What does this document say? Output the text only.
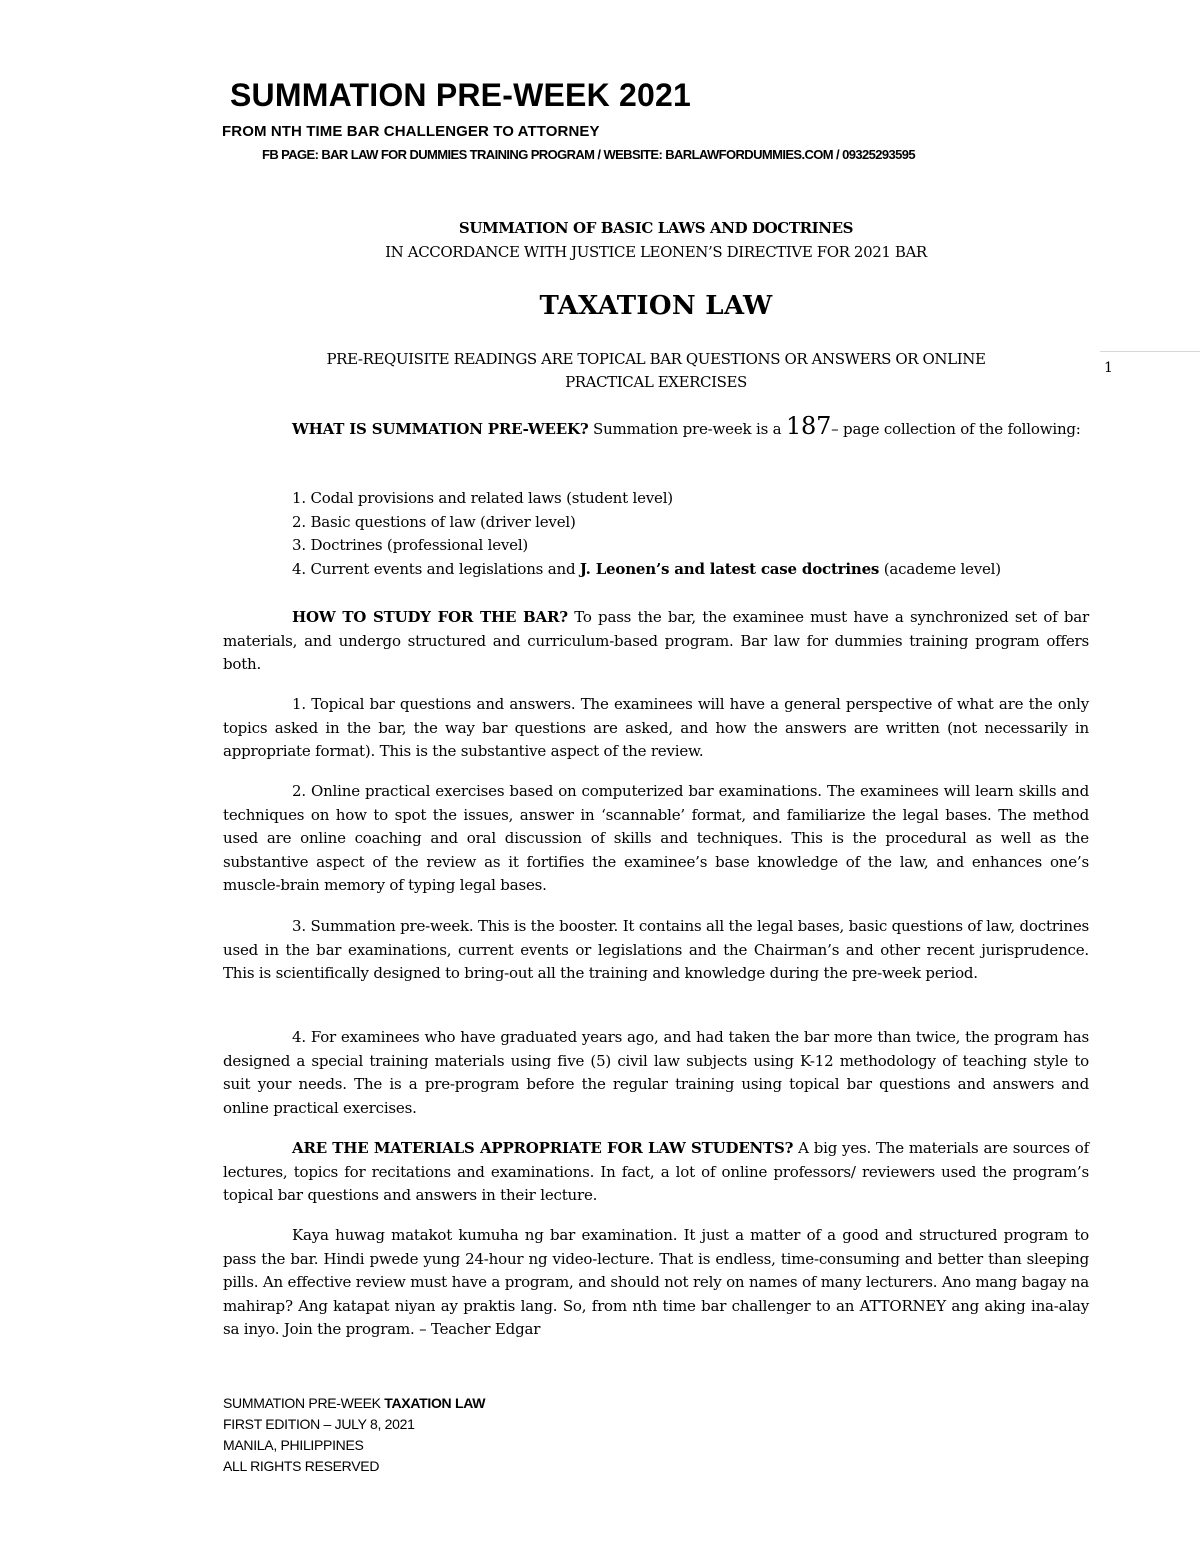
SUMMATION PRE-WEEK 2021
FROM NTH TIME BAR CHALLENGER TO ATTORNEY
FB PAGE: BAR LAW FOR DUMMIES TRAINING PROGRAM / WEBSITE: BARLAWFORDUMMIES.COM / 09325293595
SUMMATION OF BASIC LAWS AND DOCTRINES
IN ACCORDANCE WITH JUSTICE LEONEN’S DIRECTIVE FOR 2021 BAR
TAXATION LAW
PRE-REQUISITE READINGS ARE TOPICAL BAR QUESTIONS OR ANSWERS OR ONLINE
PRACTICAL EXERCISES
1

WHAT IS SUMMATION PRE-WEEK? Summation pre-week is a 187– page collection of the following:

1. Codal provisions and related laws (student level)
2. Basic questions of law (driver level)
3. Doctrines (professional level)
4. Current events and legislations and J. Leonen’s and latest case doctrines (academe level)

HOW TO STUDY FOR THE BAR? To pass the bar, the examinee must have a synchronized set of bar materials, and undergo structured and curriculum-based program. Bar law for dummies training program offers both.

1. Topical bar questions and answers. The examinees will have a general perspective of what are the only topics asked in the bar, the way bar questions are asked, and how the answers are written (not necessarily in appropriate format). This is the substantive aspect of the review.

2. Online practical exercises based on computerized bar examinations. The examinees will learn skills and techniques on how to spot the issues, answer in ‘scannable’ format, and familiarize the legal bases. The method used are online coaching and oral discussion of skills and techniques. This is the procedural as well as the substantive aspect of the review as it fortifies the examinee’s base knowledge of the law, and enhances one’s muscle-brain memory of typing legal bases.

3. Summation pre-week. This is the booster. It contains all the legal bases, basic questions of law, doctrines used in the bar examinations, current events or legislations and the Chairman’s and other recent jurisprudence. This is scientifically designed to bring-out all the training and knowledge during the pre-week period.

4. For examinees who have graduated years ago, and had taken the bar more than twice, the program has designed a special training materials using five (5) civil law subjects using K-12 methodology of teaching style to suit your needs. The is a pre-program before the regular training using topical bar questions and answers and online practical exercises.

ARE THE MATERIALS APPROPRIATE FOR LAW STUDENTS? A big yes. The materials are sources of lectures, topics for recitations and examinations. In fact, a lot of online professors/ reviewers used the program’s topical bar questions and answers in their lecture.

Kaya huwag matakot kumuha ng bar examination. It just a matter of a good and structured program to pass the bar. Hindi pwede yung 24-hour ng video-lecture. That is endless, time-consuming and better than sleeping pills. An effective review must have a program, and should not rely on names of many lecturers. Ano mang bagay na mahirap? Ang katapat niyan ay praktis lang. So, from nth time bar challenger to an ATTORNEY ang aking ina-alay sa inyo. Join the program. – Teacher Edgar

SUMMATION PRE-WEEK TAXATION LAW
FIRST EDITION – JULY 8, 2021
MANILA, PHILIPPINES
ALL RIGHTS RESERVED
